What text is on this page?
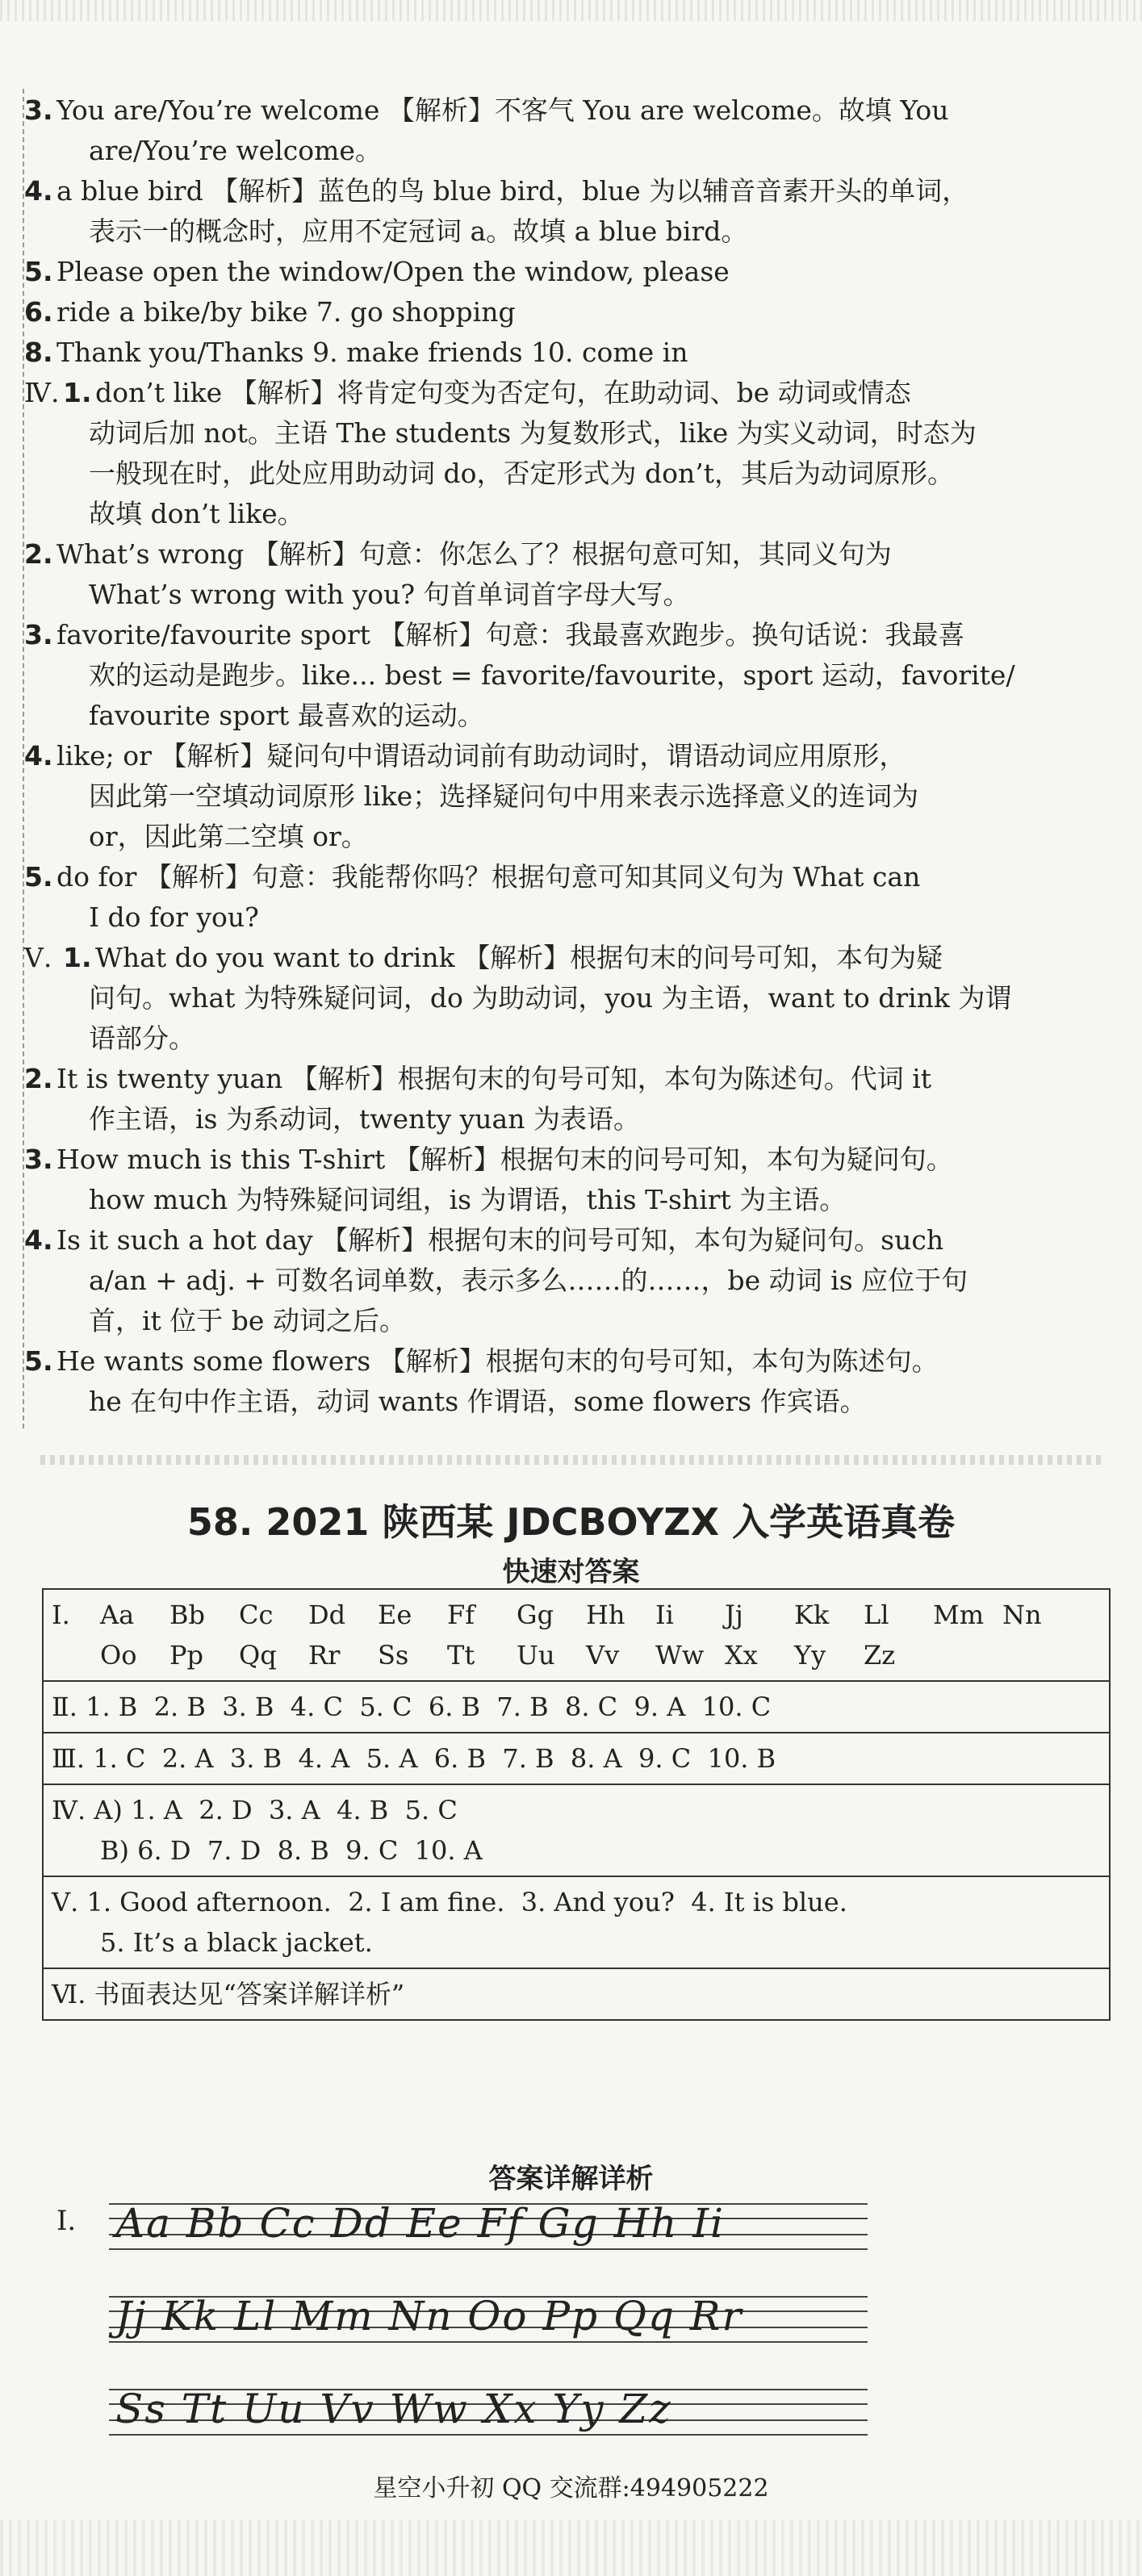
3. You are/You’re welcome 【解析】不客气 You are welcome。故填 You
are/You’re welcome。
4. a blue bird 【解析】蓝色的鸟 blue bird，blue 为以辅音音素开头的单词，
表示一的概念时，应用不定冠词 a。故填 a blue bird。
5. Please open the window/Open the window, please
6. ride a bike/by bike 7. go shopping
8. Thank you/Thanks 9. make friends 10. come in
Ⅳ. 1. don’t like 【解析】将肯定句变为否定句，在助动词、be 动词或情态
动词后加 not。主语 The students 为复数形式，like 为实义动词，时态为
一般现在时，此处应用助动词 do，否定形式为 don’t，其后为动词原形。
故填 don’t like。
2. What’s wrong 【解析】句意：你怎么了？根据句意可知，其同义句为
What’s wrong with you? 句首单词首字母大写。
3. favorite/favourite sport 【解析】句意：我最喜欢跑步。换句话说：我最喜
欢的运动是跑步。like... best = favorite/favourite，sport 运动，favorite/
favourite sport 最喜欢的运动。
4. like; or 【解析】疑问句中谓语动词前有助动词时，谓语动词应用原形，
因此第一空填动词原形 like；选择疑问句中用来表示选择意义的连词为
or，因此第二空填 or。
5. do for 【解析】句意：我能帮你吗？根据句意可知其同义句为 What can
I do for you?
Ⅴ. 1. What do you want to drink 【解析】根据句末的问号可知，本句为疑
问句。what 为特殊疑问词，do 为助动词，you 为主语，want to drink 为谓
语部分。
2. It is twenty yuan 【解析】根据句末的句号可知，本句为陈述句。代词 it
作主语，is 为系动词，twenty yuan 为表语。
3. How much is this T-shirt 【解析】根据句末的问号可知，本句为疑问句。
how much 为特殊疑问词组，is 为谓语，this T-shirt 为主语。
4. Is it such a hot day 【解析】根据句末的问号可知，本句为疑问句。such
a/an + adj. + 可数名词单数，表示多么……的……，be 动词 is 应位于句
首，it 位于 be 动词之后。
5. He wants some flowers 【解析】根据句末的句号可知，本句为陈述句。
he 在句中作主语，动词 wants 作谓语，some flowers 作宾语。
58. 2021 陕西某 JDCBOYZX 入学英语真卷
快速对答案
Ⅰ.	Aa	Bb	Cc	Dd	Ee	Ff	Gg	Hh	Ii	Jj	Kk	Ll	Mm Nn
Oo	Pp	Qq	Rr	Ss	Tt	Uu	Vv	Ww Xx	Yy	Zz
Ⅱ. 1. B  2. B  3. B  4. C  5. C  6. B  7. B  8. C  9. A  10. C
Ⅲ. 1. C  2. A  3. B  4. A  5. A  6. B  7. B  8. A  9. C  10. B
Ⅳ. A) 1. A  2. D  3. A  4. B  5. C
B) 6. D  7. D  8. B  9. C  10. A
Ⅴ. 1. Good afternoon.  2. I am fine.  3. And you?  4. It is blue.
5. It’s a black jacket.
Ⅵ. 书面表达见“答案详解详析”
答案详解详析
Ⅰ. Aa Bb Cc Dd Ee Ff Gg Hh Ii
Jj Kk Ll Mm Nn Oo Pp Qq Rr
Ss Tt Uu Vv Ww Xx Yy Zz
星空小升初 QQ 交流群:494905222
